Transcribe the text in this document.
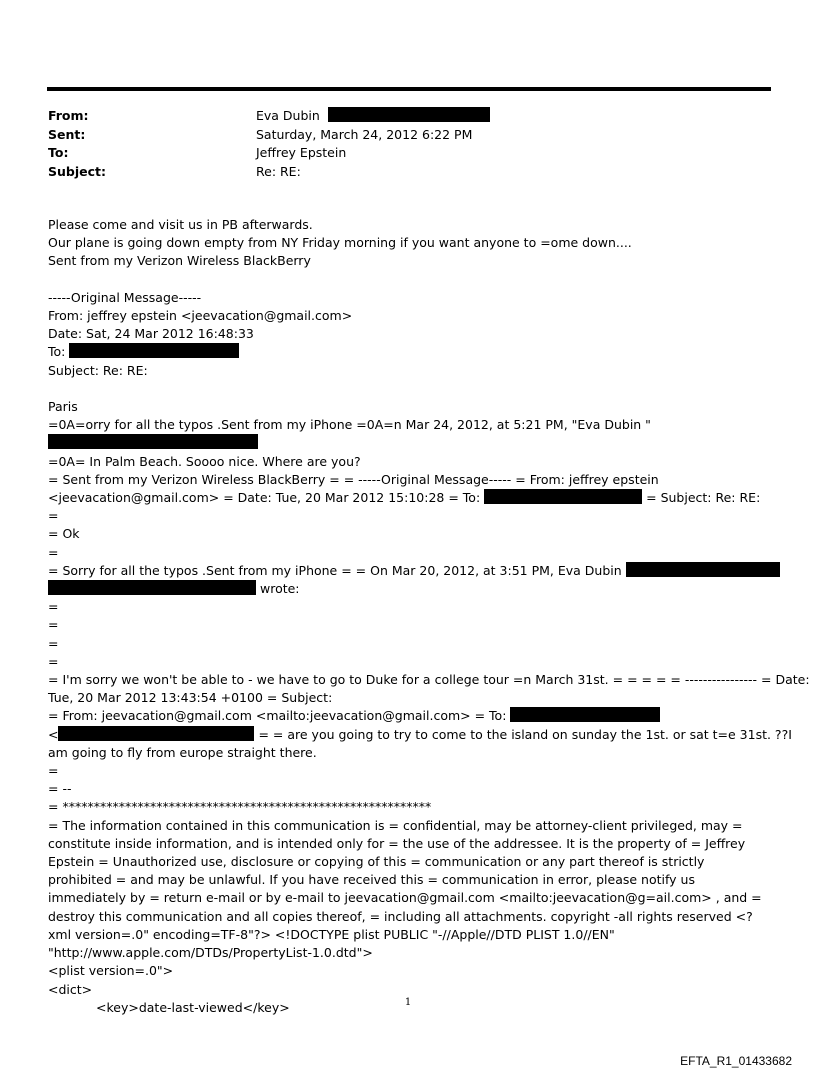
From:	Eva Dubin
Sent:	Saturday, March 24, 2012 6:22 PM
To:	Jeffrey Epstein
Subject:	Re: RE:
Please come and visit us in PB afterwards.
Our plane is going down empty from NY Friday morning if you want anyone to =ome down....
Sent from my Verizon Wireless BlackBerry
-----Original Message-----
From: jeffrey epstein <jeevacation@gmail.com>
Date: Sat, 24 Mar 2012 16:48:33
To:
Subject: Re: RE:
Paris
=0A=orry for all the typos .Sent from my iPhone =0A=n Mar 24, 2012, at 5:21 PM, "Eva Dubin "
=0A= In Palm Beach. Soooo nice. Where are you?
= Sent from my Verizon Wireless BlackBerry = = -----Original Message----- = From: jeffrey epstein
<jeevacation@gmail.com> = Date: Tue, 20 Mar 2012 15:10:28 = To:	= Subject: Re: RE:
=
= Ok
=
= Sorry for all the typos .Sent from my iPhone = = On Mar 20, 2012, at 3:51 PM, Eva Dubin
wrote:
=
=
=
=
= I'm sorry we won't be able to - we have to go to Duke for a college tour =n March 31st. = = = = = ---------------- = Date:
Tue, 20 Mar 2012 13:43:54 +0100 = Subject:
= From: jeevacation@gmail.com <mailto:jeevacation@gmail.com> = To:
<	= = are you going to try to come to the island on sunday the 1st. or sat t=e 31st. ??I
am going to fly from europe straight there.
=
= --
= ***********************************************************
= The information contained in this communication is = confidential, may be attorney-client privileged, may = constitute inside information, and is intended only for = the use of the addressee. It is the property of = Jeffrey Epstein = Unauthorized use, disclosure or copying of this = communication or any part thereof is strictly prohibited = and may be unlawful. If you have received this = communication in error, please notify us immediately by = return e-mail or by e-mail to jeevacation@gmail.com <mailto:jeevacation@g=ail.com> , and = destroy this communication and all copies thereof, = including all attachments. copyright -all rights reserved <?xml version=.0" encoding=TF-8"?> <!DOCTYPE plist PUBLIC "-//Apple//DTD PLIST 1.0//EN" "http://www.apple.com/DTDs/PropertyList-1.0.dtd">
<plist version=.0">
<dict>
<key>date-last-viewed</key>	1
EFTA_R1_01433682
